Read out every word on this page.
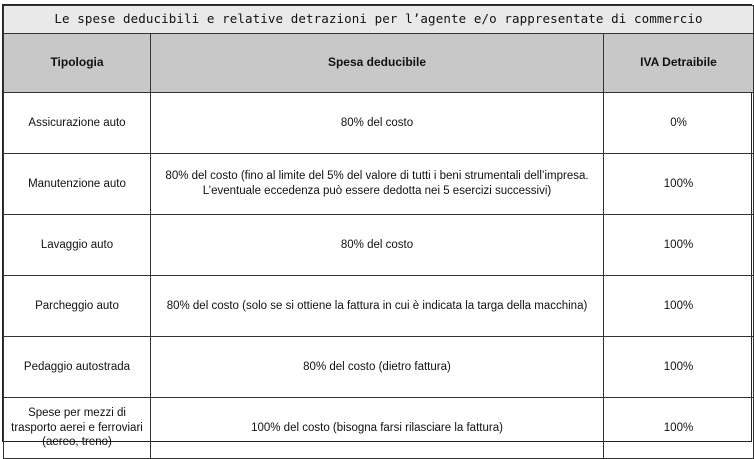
Le spese deducibili e relative detrazioni per l’agente e/o rappresentate di commercio		
Tipologia	Spesa deducibile	IVA Detraibile
Assicurazione auto	80% del costo	0%
Manutenzione auto	80% del costo (fino al limite del 5% del valore di tutti i beni strumentali dell’impresa. L’eventuale eccedenza può essere dedotta nei 5 esercizi successivi)	100%
Lavaggio auto	80% del costo	100%
Parcheggio auto	80% del costo (solo se si ottiene la fattura in cui è indicata la targa della macchina)	100%
Pedaggio autostrada	80% del costo (dietro fattura)	100%
Spese per mezzi di trasporto aerei e ferroviari (aereo, treno)	100% del costo (bisogna farsi rilasciare la fattura)	100%
